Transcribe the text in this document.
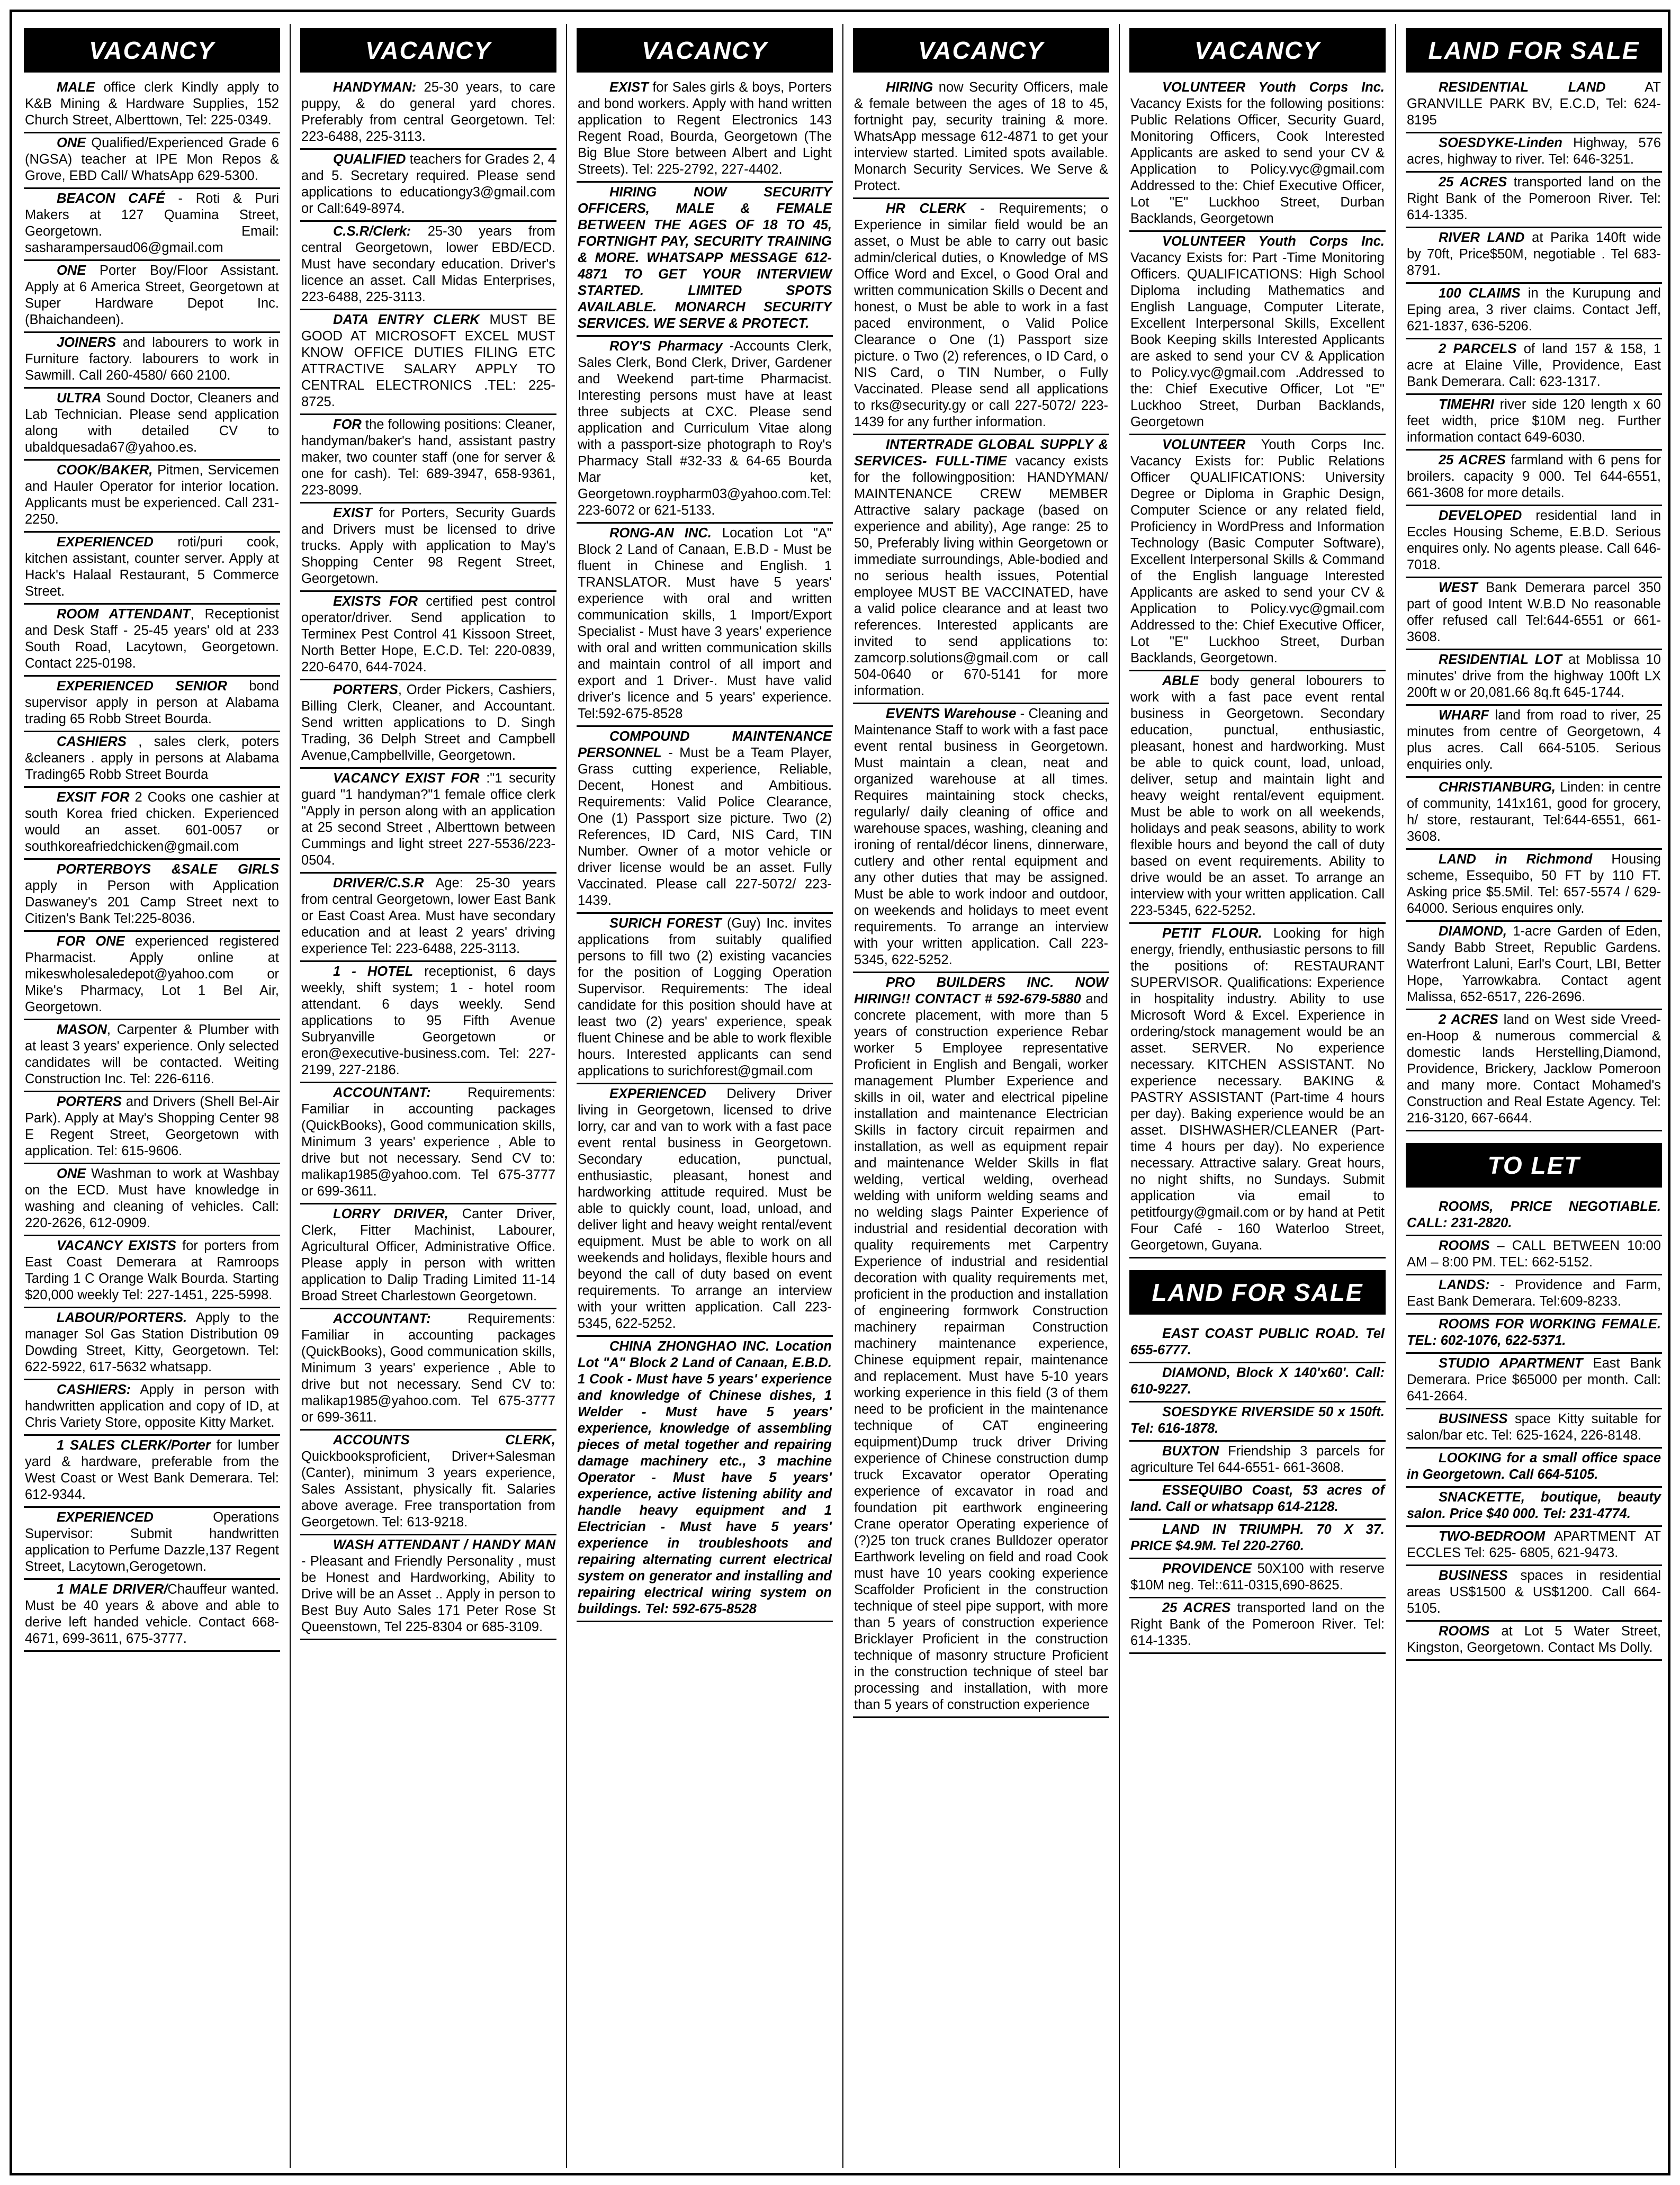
VACANCY
MALE office clerk Kindly apply to K&B Mining & Hardware Supplies, 152 Church Street, Alberttown, Tel: 225-0349.
ONE Qualified/Experienced Grade 6 (NGSA) teacher at IPE Mon Repos & Grove, EBD Call/ WhatsApp 629-5300.
BEACON CAFÉ - Roti & Puri Makers at 127 Quamina Street, Georgetown. Email: sasharampersaud06@gmail.com
ONE Porter Boy/Floor Assistant. Apply at 6 America Street, Georgetown at Super Hardware Depot Inc. (Bhaichandeen).
JOINERS and labourers to work in Furniture factory. labourers to work in Sawmill. Call 260-4580/ 660 2100.
ULTRA Sound Doctor, Cleaners and Lab Technician. Please send application along with detailed CV to ubaldquesada67@yahoo.es.
COOK/BAKER, Pitmen, Servicemen and Hauler Operator for interior location. Applicants must be experienced. Call 231-2250.
EXPERIENCED roti/puri cook, kitchen assistant, counter server. Apply at Hack's Halaal Restaurant, 5 Commerce Street.
ROOM ATTENDANT, Receptionist and Desk Staff - 25-45 years' old at 233 South Road, Lacytown, Georgetown. Contact 225-0198.
EXPERIENCED SENIOR bond supervisor apply in person at Alabama trading 65 Robb Street Bourda.
CASHIERS , sales clerk, poters &cleaners . apply in persons at Alabama Trading65 Robb Street Bourda
EXSIT FOR 2 Cooks one cashier at south Korea fried chicken. Experienced would an asset. 601-0057 or southkoreafriedchicken@gmail.com
PORTERBOYS &SALE GIRLS apply in Person with Application Daswaney's 201 Camp Street next to Citizen's Bank Tel:225-8036.
FOR ONE experienced registered Pharmacist. Apply online at mikeswholesaledepot@yahoo.com or Mike's Pharmacy, Lot 1 Bel Air, Georgetown.
MASON, Carpenter & Plumber with at least 3 years' experience. Only selected candidates will be contacted. Weiting Construction Inc. Tel: 226-6116.
PORTERS and Drivers (Shell Bel-Air Park). Apply at May's Shopping Center 98 E Regent Street, Georgetown with application. Tel: 615-9606.
ONE Washman to work at Washbay on the ECD. Must have knowledge in washing and cleaning of vehicles. Call: 220-2626, 612-0909.
VACANCY EXISTS for porters from East Coast Demerara at Ramroops Tarding 1 C Orange Walk Bourda. Starting $20,000 weekly Tel: 227-1451, 225-5998.
LABOUR/PORTERS. Apply to the manager Sol Gas Station Distribution 09 Dowding Street, Kitty, Georgetown. Tel: 622-5922, 617-5632 whatsapp.
CASHIERS: Apply in person with handwritten application and copy of ID, at Chris Variety Store, opposite Kitty Market.
1 SALES CLERK/Porter for lumber yard & hardware, preferable from the West Coast or West Bank Demerara. Tel: 612-9344.
EXPERIENCED Operations Supervisor: Submit handwritten application to Perfume Dazzle,137 Regent Street, Lacytown,Gerogetown.
1 MALE DRIVER/Chauffeur wanted. Must be 40 years & above and able to derive left handed vehicle. Contact 668-4671, 699-3611, 675-3777.
VACANCY
HANDYMAN: 25-30 years, to care puppy, & do general yard chores. Preferably from central Georgetown. Tel: 223-6488, 225-3113.
QUALIFIED teachers for Grades 2, 4 and 5. Secretary required. Please send applications to educationgy3@gmail.com or Call:649-8974.
C.S.R/Clerk: 25-30 years from central Georgetown, lower EBD/ECD. Must have secondary education. Driver's licence an asset. Call Midas Enterprises, 223-6488, 225-3113.
DATA ENTRY CLERK MUST BE GOOD AT MICROSOFT EXCEL MUST KNOW OFFICE DUTIES FILING ETC ATTRACTIVE SALARY APPLY TO CENTRAL ELECTRONICS .TEL: 225-8725.
FOR the following positions: Cleaner, handyman/baker's hand, assistant pastry maker, two counter staff (one for server & one for cash). Tel: 689-3947, 658-9361, 223-8099.
EXIST for Porters, Security Guards and Drivers must be licensed to drive trucks. Apply with application to May's Shopping Center 98 Regent Street, Georgetown.
EXISTS FOR certified pest control operator/driver. Send application to Terminex Pest Control 41 Kissoon Street, North Better Hope, E.C.D. Tel: 220-0839, 220-6470, 644-7024.
PORTERS, Order Pickers, Cashiers, Billing Clerk, Cleaner, and Accountant. Send written applications to D. Singh Trading, 36 Delph Street and Campbell Avenue,Campbellville, Georgetown.
VACANCY EXIST FOR :"1 security guard "1 handyman?"1 female office clerk "Apply in person along with an application at 25 second Street , Alberttown between Cummings and light street 227-5536/223-0504.
DRIVER/C.S.R Age: 25-30 years from central Georgetown, lower East Bank or East Coast Area. Must have secondary education and at least 2 years' driving experience Tel: 223-6488, 225-3113.
1 - HOTEL receptionist, 6 days weekly, shift system; 1 - hotel room attendant. 6 days weekly. Send applications to 95 Fifth Avenue Subryanville Georgetown or eron@executive-business.com. Tel: 227-2199, 227-2186.
ACCOUNTANT: Requirements: Familiar in accounting packages (QuickBooks), Good communication skills, Minimum 3 years' experience , Able to drive but not necessary. Send CV to: malikap1985@yahoo.com. Tel 675-3777 or 699-3611.
LORRY DRIVER, Canter Driver, Clerk, Fitter Machinist, Labourer, Agricultural Officer, Administrative Office. Please apply in person with written application to Dalip Trading Limited 11-14 Broad Street Charlestown Georgetown.
ACCOUNTANT: Requirements: Familiar in accounting packages (QuickBooks), Good communication skills, Minimum 3 years' experience , Able to drive but not necessary. Send CV to: malikap1985@yahoo.com. Tel 675-3777 or 699-3611.
ACCOUNTS CLERK, Quickbooksproficient, Driver+Salesman (Canter), minimum 3 years experience, Sales Assistant, physically fit. Salaries above average. Free transportation from Georgetown. Tel: 613-9218.
WASH ATTENDANT / HANDY MAN - Pleasant and Friendly Personality , must be Honest and Hardworking, Ability to Drive will be an Asset .. Apply in person to Best Buy Auto Sales 171 Peter Rose St Queenstown, Tel 225-8304 or 685-3109.
VACANCY
EXIST for Sales girls & boys, Porters and bond workers. Apply with hand written application to Regent Electronics 143 Regent Road, Bourda, Georgetown (The Big Blue Store between Albert and Light Streets). Tel: 225-2792, 227-4402.
HIRING NOW SECURITY OFFICERS, MALE & FEMALE BETWEEN THE AGES OF 18 TO 45, FORTNIGHT PAY, SECURITY TRAINING & MORE. WHATSAPP MESSAGE 612-4871 TO GET YOUR INTERVIEW STARTED. LIMITED SPOTS AVAILABLE. MONARCH SECURITY SERVICES. WE SERVE & PROTECT.
ROY'S Pharmacy -Accounts Clerk, Sales Clerk, Bond Clerk, Driver, Gardener and Weekend part-time Pharmacist. Interesting persons must have at least three subjects at CXC. Please send application and Curriculum Vitae along with a passport-size photograph to Roy's Pharmacy Stall #32-33 & 64-65 Bourda Mar ket, Georgetown.roypharm03@yahoo.com.Tel: 223-6072 or 621-5133.
RONG-AN INC. Location Lot "A" Block 2 Land of Canaan, E.B.D - Must be fluent in Chinese and English. 1 TRANSLATOR. Must have 5 years' experience with oral and written communication skills, 1 Import/Export Specialist - Must have 3 years' experience with oral and written communication skills and maintain control of all import and export and 1 Driver-. Must have valid driver's licence and 5 years' experience. Tel:592-675-8528
COMPOUND MAINTENANCE PERSONNEL - Must be a Team Player, Grass cutting experience, Reliable, Decent, Honest and Ambitious. Requirements: Valid Police Clearance, One (1) Passport size picture. Two (2) References, ID Card, NIS Card, TIN Number. Owner of a motor vehicle or driver license would be an asset. Fully Vaccinated. Please call 227-5072/ 223-1439.
SURICH FOREST (Guy) Inc. invites applications from suitably qualified persons to fill two (2) existing vacancies for the position of Logging Operation Supervisor. Requirements: The ideal candidate for this position should have at least two (2) years' experience, speak fluent Chinese and be able to work flexible hours. Interested applicants can send applications to surichforest@gmail.com
EXPERIENCED Delivery Driver living in Georgetown, licensed to drive lorry, car and van to work with a fast pace event rental business in Georgetown. Secondary education, punctual, enthusiastic, pleasant, honest and hardworking attitude required. Must be able to quickly count, load, unload, and deliver light and heavy weight rental/event equipment. Must be able to work on all weekends and holidays, flexible hours and beyond the call of duty based on event requirements. To arrange an interview with your written application. Call 223-5345, 622-5252.
CHINA ZHONGHAO INC. Location Lot "A" Block 2 Land of Canaan, E.B.D. 1 Cook - Must have 5 years' experience and knowledge of Chinese dishes, 1 Welder - Must have 5 years' experience, knowledge of assembling pieces of metal together and repairing damage machinery etc., 3 machine Operator - Must have 5 years' experience, active listening ability and handle heavy equipment and 1 Electrician - Must have 5 years' experience in troubleshoots and repairing alternating current electrical system on generator and installing and repairing electrical wiring system on buildings. Tel: 592-675-8528
VACANCY
HIRING now Security Officers, male & female between the ages of 18 to 45, fortnight pay, security training & more. WhatsApp message 612-4871 to get your interview started. Limited spots available. Monarch Security Services. We Serve & Protect.
HR CLERK - Requirements; o Experience in similar field would be an asset, o Must be able to carry out basic admin/clerical duties, o Knowledge of MS Office Word and Excel, o Good Oral and written communication Skills o Decent and honest, o Must be able to work in a fast paced environment, o Valid Police Clearance o One (1) Passport size picture. o Two (2) references, o ID Card, o NIS Card, o TIN Number, o Fully Vaccinated. Please send all applications to rks@security.gy or call 227-5072/ 223-1439 for any further information.
INTERTRADE GLOBAL SUPPLY & SERVICES- FULL-TIME vacancy exists for the followingposition: HANDYMAN/ MAINTENANCE CREW MEMBER Attractive salary package (based on experience and ability), Age range: 25 to 50, Preferably living within Georgetown or immediate surroundings, Able-bodied and no serious health issues, Potential employee MUST BE VACCINATED, have a valid police clearance and at least two references. Interested applicants are invited to send applications to: zamcorp.solutions@gmail.com or call 504-0640 or 670-5141 for more information.
EVENTS Warehouse - Cleaning and Maintenance Staff to work with a fast pace event rental business in Georgetown. Must maintain a clean, neat and organized warehouse at all times. Requires maintaining stock checks, regularly/ daily cleaning of office and warehouse spaces, washing, cleaning and ironing of rental/décor linens, dinnerware, cutlery and other rental equipment and any other duties that may be assigned. Must be able to work indoor and outdoor, on weekends and holidays to meet event requirements. To arrange an interview with your written application. Call 223-5345, 622-5252.
PRO BUILDERS INC. NOW HIRING!! CONTACT # 592-679-5880 and concrete placement, with more than 5 years of construction experience Rebar worker 5 Employee representative Proficient in English and Bengali, worker management Plumber Experience and skills in oil, water and electrical pipeline installation and maintenance Electrician Skills in factory circuit repairmen and installation, as well as equipment repair and maintenance Welder Skills in flat welding, vertical welding, overhead welding with uniform welding seams and no welding slags Painter Experience of industrial and residential decoration with quality requirements met Carpentry Experience of industrial and residential decoration with quality requirements met, proficient in the production and installation of engineering formwork Construction machinery repairman Construction machinery maintenance experience, Chinese equipment repair, maintenance and replacement. Must have 5-10 years working experience in this field (3 of them need to be proficient in the maintenance technique of CAT engineering equipment)Dump truck driver Driving experience of Chinese construction dump truck Excavator operator Operating experience of excavator in road and foundation pit earthwork engineering Crane operator Operating experience of (?)25 ton truck cranes Bulldozer operator Earthwork leveling on field and road Cook must have 10 years cooking experience Scaffolder Proficient in the construction technique of steel pipe support, with more than 5 years of construction experience Bricklayer Proficient in the construction technique of masonry structure Proficient in the construction technique of steel bar processing and installation, with more than 5 years of construction experience
VACANCY
VOLUNTEER Youth Corps Inc. Vacancy Exists for the following positions: Public Relations Officer, Security Guard, Monitoring Officers, Cook Interested Applicants are asked to send your CV & Application to Policy.vyc@gmail.com Addressed to the: Chief Executive Officer, Lot "E" Luckhoo Street, Durban Backlands, Georgetown
VOLUNTEER Youth Corps Inc. Vacancy Exists for: Part -Time Monitoring Officers. QUALIFICATIONS: High School Diploma including Mathematics and English Language, Computer Literate, Excellent Interpersonal Skills, Excellent Book Keeping skills Interested Applicants are asked to send your CV & Application to Policy.vyc@gmail.com .Addressed to the: Chief Executive Officer, Lot "E" Luckhoo Street, Durban Backlands, Georgetown
VOLUNTEER Youth Corps Inc. Vacancy Exists for: Public Relations Officer QUALIFICATIONS: University Degree or Diploma in Graphic Design, Computer Science or any related field, Proficiency in WordPress and Information Technology (Basic Computer Software), Excellent Interpersonal Skills & Command of the English language Interested Applicants are asked to send your CV & Application to Policy.vyc@gmail.com Addressed to the: Chief Executive Officer, Lot "E" Luckhoo Street, Durban Backlands, Georgetown.
ABLE body general lobourers to work with a fast pace event rental business in Georgetown. Secondary education, punctual, enthusiastic, pleasant, honest and hardworking. Must be able to quick count, load, unload, deliver, setup and maintain light and heavy weight rental/event equipment. Must be able to work on all weekends, holidays and peak seasons, ability to work flexible hours and beyond the call of duty based on event requirements. Ability to drive would be an asset. To arrange an interview with your written application. Call 223-5345, 622-5252.
PETIT FLOUR. Looking for high energy, friendly, enthusiastic persons to fill the positions of: RESTAURANT SUPERVISOR. Qualifications: Experience in hospitality industry. Ability to use Microsoft Word & Excel. Experience in ordering/stock management would be an asset. SERVER. No experience necessary. KITCHEN ASSISTANT. No experience necessary. BAKING & PASTRY ASSISTANT (Part-time 4 hours per day). Baking experience would be an asset. DISHWASHER/CLEANER (Part-time 4 hours per day). No experience necessary. Attractive salary. Great hours, no night shifts, no Sundays. Submit application via email to petitfourgy@gmail.com or by hand at Petit Four Café - 160 Waterloo Street, Georgetown, Guyana.
LAND FOR SALE
EAST COAST PUBLIC ROAD. Tel 655-6777.
DIAMOND, Block X 140'x60'. Call: 610-9227.
SOESDYKE RIVERSIDE 50 x 150ft. Tel: 616-1878.
BUXTON Friendship 3 parcels for agriculture Tel 644-6551- 661-3608.
ESSEQUIBO Coast, 53 acres of land. Call or whatsapp 614-2128.
LAND IN TRIUMPH. 70 X 37. PRICE $4.9M. Tel 220-2760.
PROVIDENCE 50X100 with reserve $10M neg. Tel::611-0315,690-8625.
25 ACRES transported land on the Right Bank of the Pomeroon River. Tel: 614-1335.
LAND FOR SALE
RESIDENTIAL LAND AT GRANVILLE PARK BV, E.C.D, Tel: 624-8195
SOESDYKE-Linden Highway, 576 acres, highway to river. Tel: 646-3251.
25 ACRES transported land on the Right Bank of the Pomeroon River. Tel: 614-1335.
RIVER LAND at Parika 140ft wide by 70ft, Price$50M, negotiable . Tel 683-8791.
100 CLAIMS in the Kurupung and Eping area, 3 river claims. Contact Jeff, 621-1837, 636-5206.
2 PARCELS of land 157 & 158, 1 acre at Elaine Ville, Providence, East Bank Demerara. Call: 623-1317.
TIMEHRI river side 120 length x 60 feet width, price $10M neg. Further information contact 649-6030.
25 ACRES farmland with 6 pens for broilers. capacity 9 000. Tel 644-6551, 661-3608 for more details.
DEVELOPED residential land in Eccles Housing Scheme, E.B.D. Serious enquires only. No agents please. Call 646-7018.
WEST Bank Demerara parcel 350 part of good Intent W.B.D No reasonable offer refused call Tel:644-6551 or 661-3608.
RESIDENTIAL LOT at Moblissa 10 minutes' drive from the highway 100ft LX 200ft w or 20,081.66 8q.ft 645-1744.
WHARF land from road to river, 25 minutes from centre of Georgetown, 4 plus acres. Call 664-5105. Serious enquiries only.
CHRISTIANBURG, Linden: in centre of community, 141x161, good for grocery, h/ store, restaurant, Tel:644-6551, 661-3608.
LAND in Richmond Housing scheme, Essequibo, 50 FT by 110 FT. Asking price $5.5Mil. Tel: 657-5574 / 629-64000. Serious enquires only.
DIAMOND, 1-acre Garden of Eden, Sandy Babb Street, Republic Gardens. Waterfront Laluni, Earl's Court, LBI, Better Hope, Yarrowkabra. Contact agent Malissa, 652-6517, 226-2696.
2 ACRES land on West side Vreed-en-Hoop & numerous commercial & domestic lands Herstelling,Diamond, Providence, Brickery, Jacklow Pomeroon and many more. Contact Mohamed's Construction and Real Estate Agency. Tel: 216-3120, 667-6644.
TO LET
ROOMS, PRICE NEGOTIABLE. CALL: 231-2820.
ROOMS – CALL BETWEEN 10:00 AM – 8:00 PM. TEL: 662-5152.
LANDS: - Providence and Farm, East Bank Demerara. Tel:609-8233.
ROOMS FOR WORKING FEMALE. TEL: 602-1076, 622-5371.
STUDIO APARTMENT East Bank Demerara. Price $65000 per month. Call: 641-2664.
BUSINESS space Kitty suitable for salon/bar etc. Tel: 625-1624, 226-8148.
LOOKING for a small office space in Georgetown. Call 664-5105.
SNACKETTE, boutique, beauty salon. Price $40 000. Tel: 231-4774.
TWO-BEDROOM APARTMENT AT ECCLES Tel: 625- 6805, 621-9473.
BUSINESS spaces in residential areas US$1500 & US$1200. Call 664-5105.
ROOMS at Lot 5 Water Street, Kingston, Georgetown. Contact Ms Dolly.
